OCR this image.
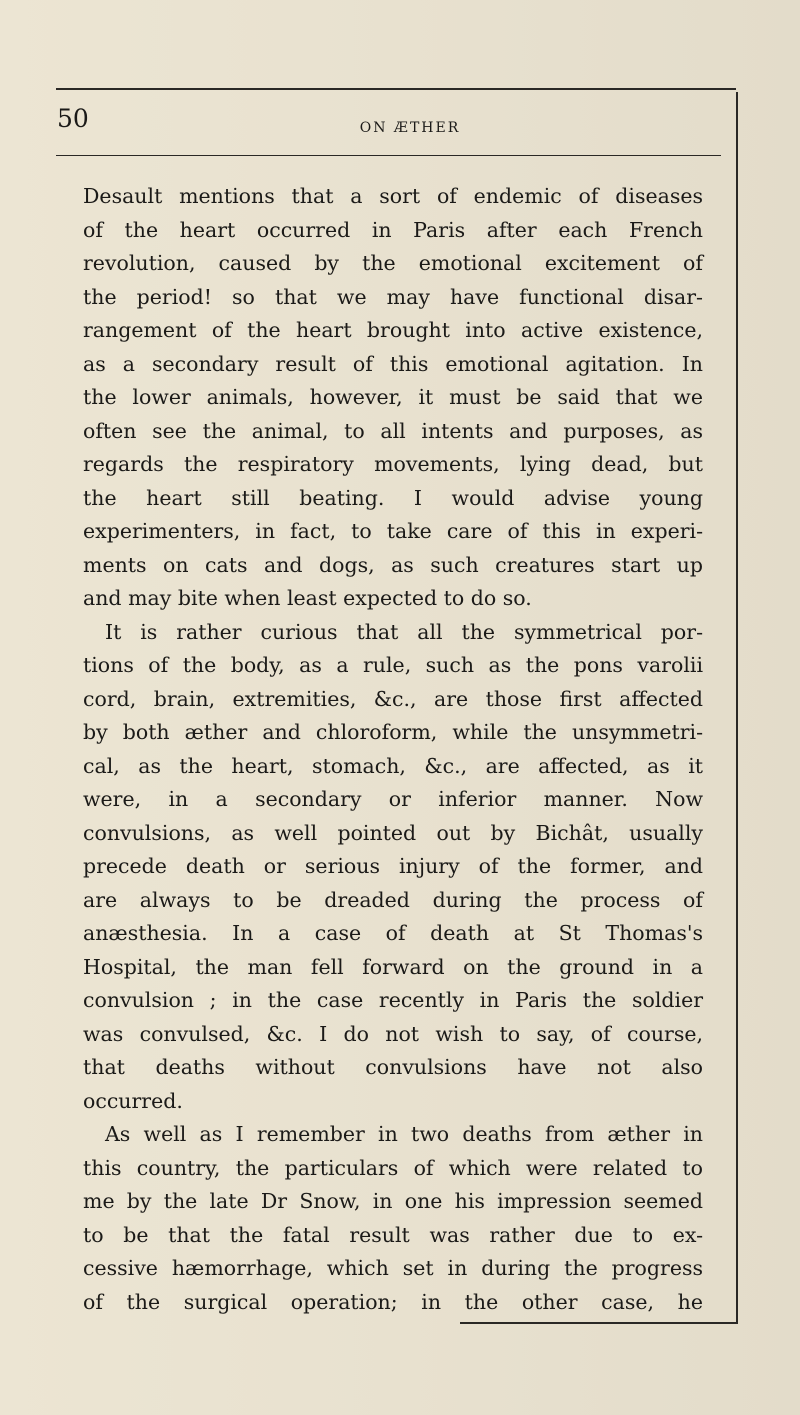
50	ON ÆTHER
Desault mentions that a sort of endemic of diseases
of the heart occurred in Paris after each French
revolution, caused by the emotional excitement of
the period! so that we may have functional disar-
rangement of the heart brought into active existence,
as a secondary result of this emotional agitation. In
the lower animals, however, it must be said that we
often see the animal, to all intents and purposes, as
regards the respiratory movements, lying dead, but
the heart still beating. I would advise young
experimenters, in fact, to take care of this in experi-
ments on cats and dogs, as such creatures start up
and may bite when least expected to do so.
It is rather curious that all the symmetrical por-
tions of the body, as a rule, such as the pons varolii
cord, brain, extremities, &c., are those first affected
by both æther and chloroform, while the unsymmetri-
cal, as the heart, stomach, &c., are affected, as it
were, in a secondary or inferior manner. Now
convulsions, as well pointed out by Bichât, usually
precede death or serious injury of the former, and
are always to be dreaded during the process of
anæsthesia. In a case of death at St Thomas's
Hospital, the man fell forward on the ground in a
convulsion ; in the case recently in Paris the soldier
was convulsed, &c. I do not wish to say, of course,
that deaths without convulsions have not also
occurred.
As well as I remember in two deaths from æther in
this country, the particulars of which were related to
me by the late Dr Snow, in one his impression seemed
to be that the fatal result was rather due to ex-
cessive hæmorrhage, which set in during the progress
of the surgical operation; in the other case, he
